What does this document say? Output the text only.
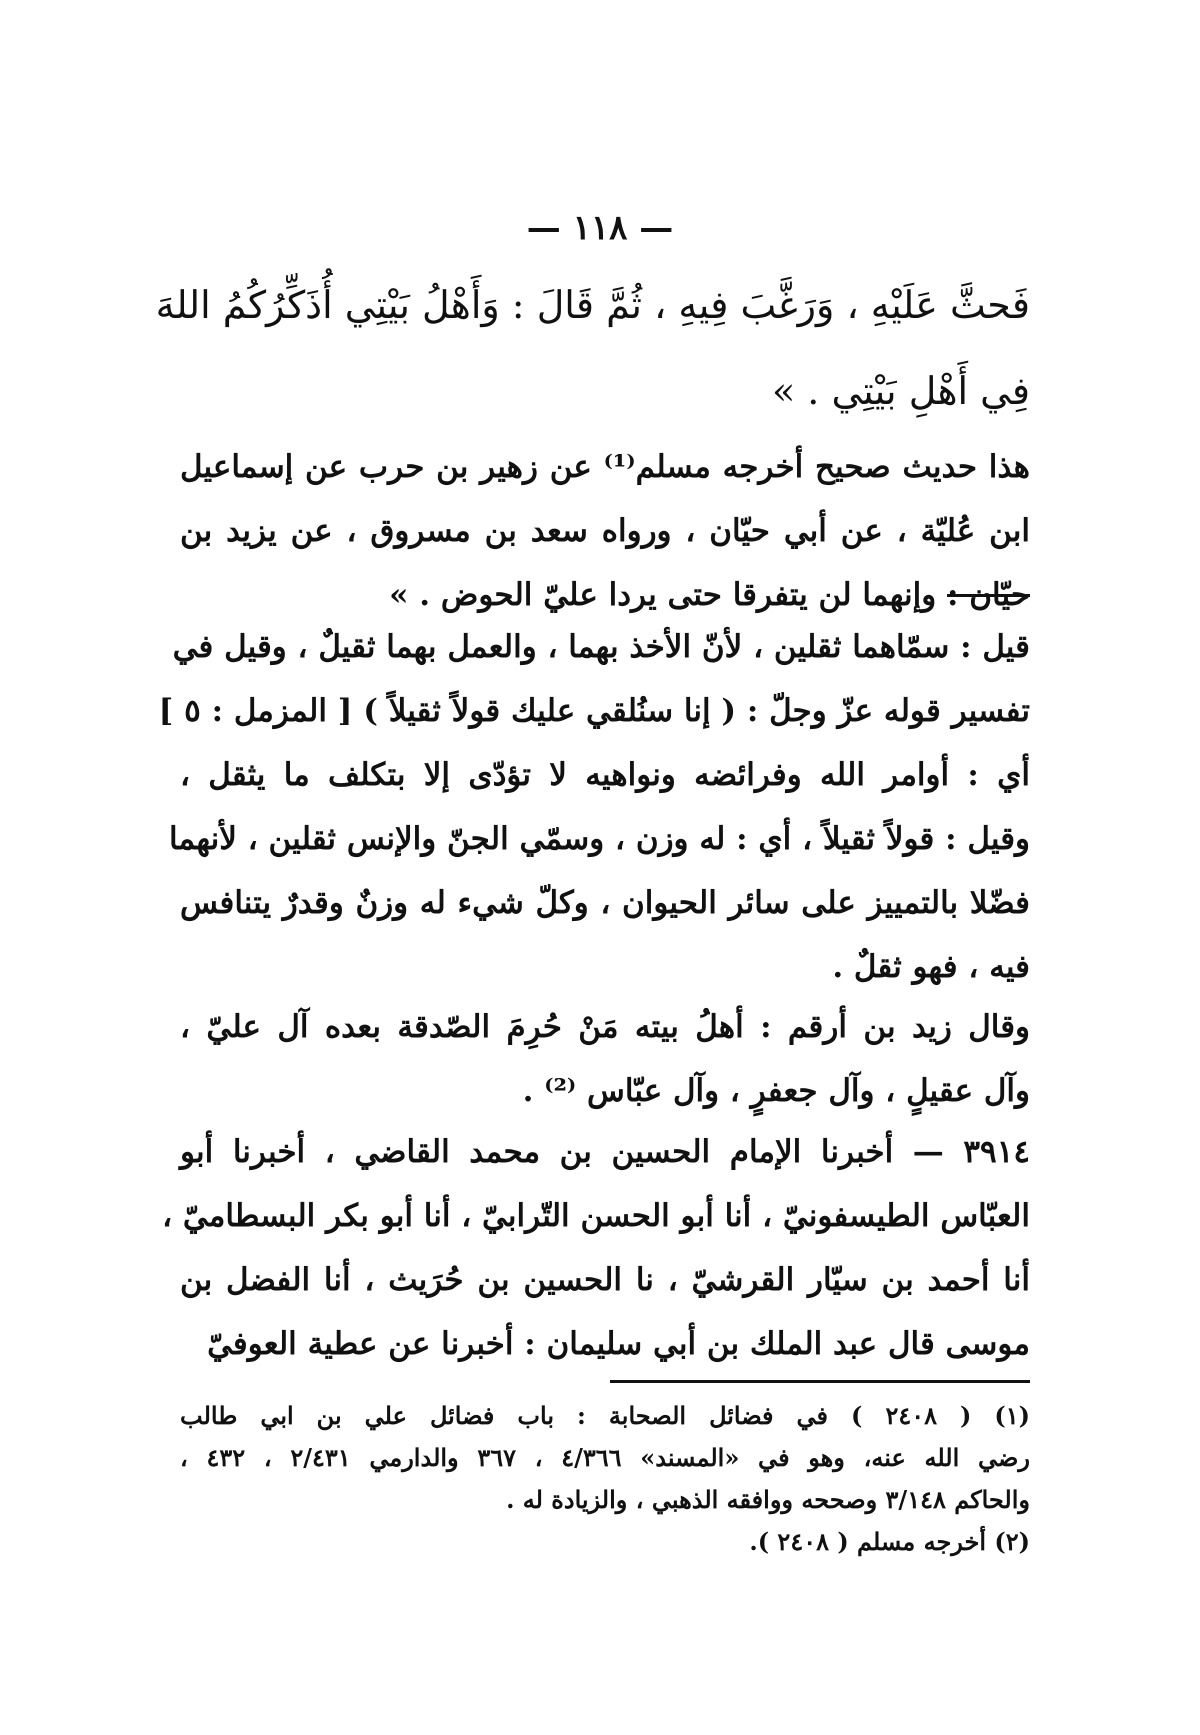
— ١١٨ —
فَحثَّ عَلَيْهِ ، وَرَغَّبَ فِيهِ ، ثُمَّ قَالَ : وَأَهْلُ بَيْتِي أُذَكِّرُكُمُ اللهَ
فِي أَهْلِ بَيْتِي . »
هذا حديث صحيح أخرجه مسلم⁽¹⁾ عن زهير بن حرب عن إسماعيل
ابن عُليّة ، عن أبي حيّان ، ورواه سعد بن مسروق ، عن يزيد بن
حيّان : وإنهما لن يتفرقا حتى يردا عليّ الحوض . »
قيل : سمّاهما ثقلين ، لأنّ الأخذ بهما ، والعمل بهما ثقيلٌ ، وقيل في
تفسير قوله عزّ وجلّ : ( إنا سنُلقي عليك قولاً ثقيلاً ) [ المزمل : ٥ ]
أي : أوامر الله وفرائضه ونواهيه لا تؤدّى إلا بتكلف ما يثقل ،
وقيل : قولاً ثقيلاً ، أي : له وزن ، وسمّي الجنّ والإنس ثقلين ، لأنهما
فضّلا بالتمييز على سائر الحيوان ، وكلّ شيء له وزنٌ وقدرٌ يتنافس
فيه ، فهو ثقلٌ .
وقال زيد بن أرقم : أهلُ بيته مَنْ حُرِمَ الصّدقة بعده آل عليّ ،
وآل عقيلٍ ، وآل جعفرٍ ، وآل عبّاس ⁽²⁾ .
٣٩١٤ — أخبرنا الإمام الحسين بن محمد القاضي ، أخبرنا أبو
العبّاس الطيسفونيّ ، أنا أبو الحسن التّرابيّ ، أنا أبو بكر البسطاميّ ،
أنا أحمد بن سيّار القرشيّ ، نا الحسين بن حُرَيث ، أنا الفضل بن
موسى قال عبد الملك بن أبي سليمان : أخبرنا عن عطية العوفيّ
(١) ( ٢٤٠٨ ) في فضائل الصحابة : باب فضائل علي بن ابي طالب
رضي الله عنه، وهو في «المسند» ٤/٣٦٦ ، ٣٦٧ والدارمي ٢/٤٣١ ، ٤٣٢ ،
والحاكم ٣/١٤٨ وصححه ووافقه الذهبي ، والزيادة له .
(٢) أخرجه مسلم ( ٢٤٠٨ ).
